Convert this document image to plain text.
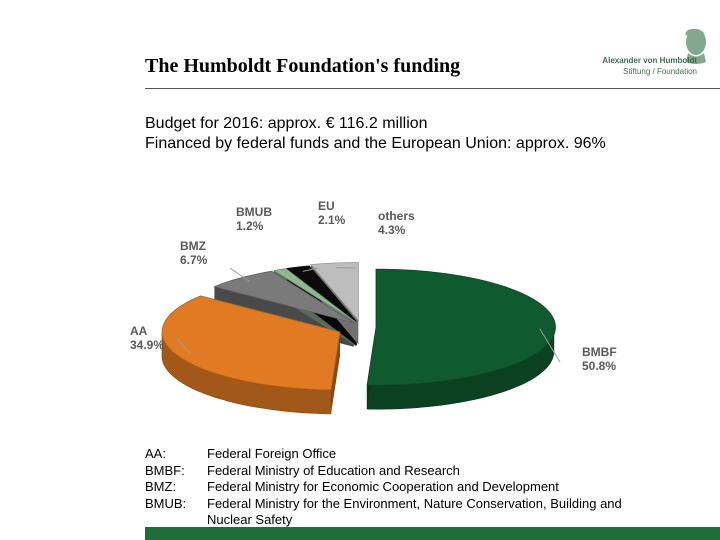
The Humboldt Foundation's funding	Alexander von Humboldt
Stiftung / Foundation
Budget for 2016: approx. € 116.2 million
Financed by federal funds and the European Union: approx. 96%
BMBF
50.8%
AA
34.9%
BMZ
6.7%
BMUB
1.2%
EU
2.1%	others
4.3%
AA:	Federal Foreign Office
BMBF:	Federal Ministry of Education and Research
BMZ:	Federal Ministry for Economic Cooperation and Development
BMUB:	Federal Ministry for the Environment, Nature Conservation, Building and Nuclear Safety
